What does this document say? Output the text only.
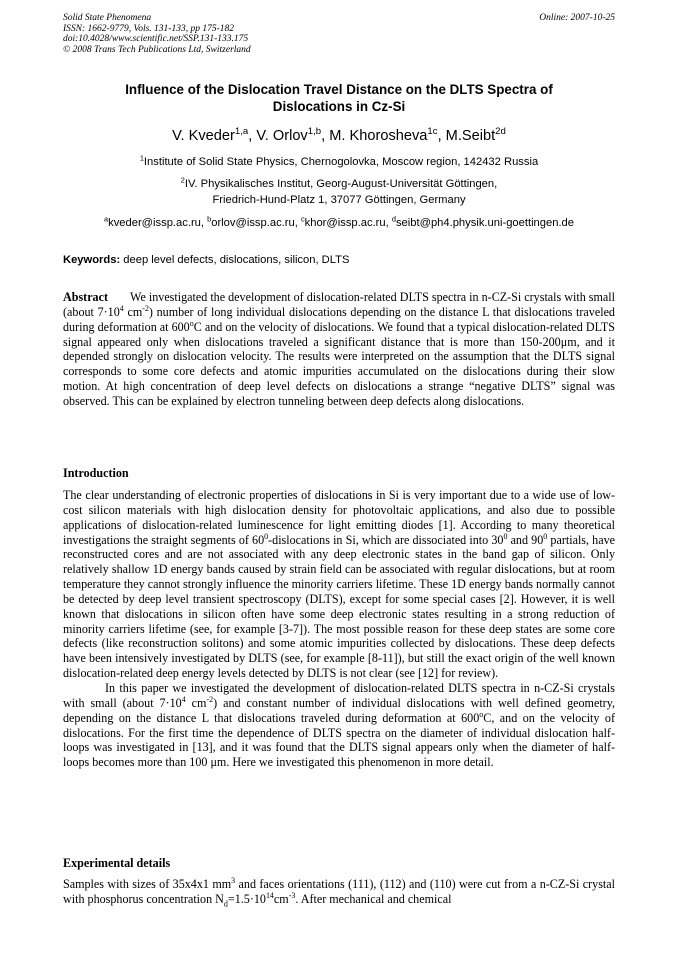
Solid State Phenomena
ISSN: 1662-9779, Vols. 131-133, pp 175-182
doi:10.4028/www.scientific.net/SSP.131-133.175
© 2008 Trans Tech Publications Ltd, Switzerland
Online: 2007-10-25
Influence of the Dislocation Travel Distance on the DLTS Spectra of
Dislocations in Cz-Si
V. Kveder$^{1,a}$, V. Orlov$^{1,b}$, M. Khorosheva$^{1c}$, M.Seibt$^{2d}$
$^1$Institute of Solid State Physics, Chernogolovka, Moscow region, 142432 Russia
$^2$IV. Physikalisches Institut, Georg-August-Universität Göttingen,
Friedrich-Hund-Platz 1, 37077 Göttingen, Germany
$^a$kveder@issp.ac.ru, $^b$orlov@issp.ac.ru, $^c$khor@issp.ac.ru, $^d$seibt@ph4.physik.uni-goettingen.de
Keywords: deep level defects, dislocations, silicon, DLTS
Abstract We investigated the development of dislocation-related DLTS spectra in n-CZ-Si crystals with small (about $7\cdot 10^4$ $cm^{-2}$) number of long individual dislocations depending on the distance L that dislocations traveled during deformation at 600$^o$C and on the velocity of dislocations. We found that a typical dislocation-related DLTS signal appeared only when dislocations traveled a significant distance that is more than 150-200μm, and it depended strongly on dislocation velocity. The results were interpreted on the assumption that the DLTS signal corresponds to some core defects and atomic impurities accumulated on the dislocations during their slow motion. At high concentration of deep level defects on dislocations a strange “negative DLTS” signal was observed. This can be explained by electron tunneling between deep defects along dislocations.
Introduction

The clear understanding of electronic properties of dislocations in Si is very important due to a wide use of low-cost silicon materials with high dislocation density for photovoltaic applications, and also due to possible applications of dislocation-related luminescence for light emitting diodes [1]. According to many theoretical investigations the straight segments of $60^0$-dislocations in Si, which are dissociated into $30^0$ and $90^0$ partials, have reconstructed cores and are not associated with any deep electronic states in the band gap of silicon. Only relatively shallow 1D energy bands caused by strain field can be associated with regular dislocations, but at room temperature they cannot strongly influence the minority carriers lifetime. These 1D energy bands normally cannot be detected by deep level transient spectroscopy (DLTS), except for some special cases [2]. However, it is well known that dislocations in silicon often have some deep electronic states resulting in a strong reduction of minority carriers lifetime (see, for example [3-7]). The most possible reason for these deep states are some core defects (like reconstruction solitons) and some atomic impurities collected by dislocations. These deep defects have been intensively investigated by DLTS (see, for example [8-11]), but still the exact origin of the well known dislocation-related deep energy levels detected by DLTS is not clear (see [12] for review).

In this paper we investigated the development of dislocation-related DLTS spectra in n-CZ-Si crystals with small (about $7\cdot 10^4$ $cm^{-2}$) and constant number of individual dislocations with well defined geometry, depending on the distance L that dislocations traveled during deformation at 600$^o$C, and on the velocity of dislocations. For the first time the dependence of DLTS spectra on the diameter of individual dislocation half-loops was investigated in [13], and it was found that the DLTS signal appears only when the diameter of half-loops becomes more than 100 μm. Here we investigated this phenomenon in more detail.

Experimental details
Samples with sizes of 35x4x1 $mm^3$ and faces orientations (111), (112) and (110) were cut from a n-CZ-Si crystal with phosphorus concentration $N_d=1.5\cdot 10^{14}cm^{-3}$. After mechanical and chemical
